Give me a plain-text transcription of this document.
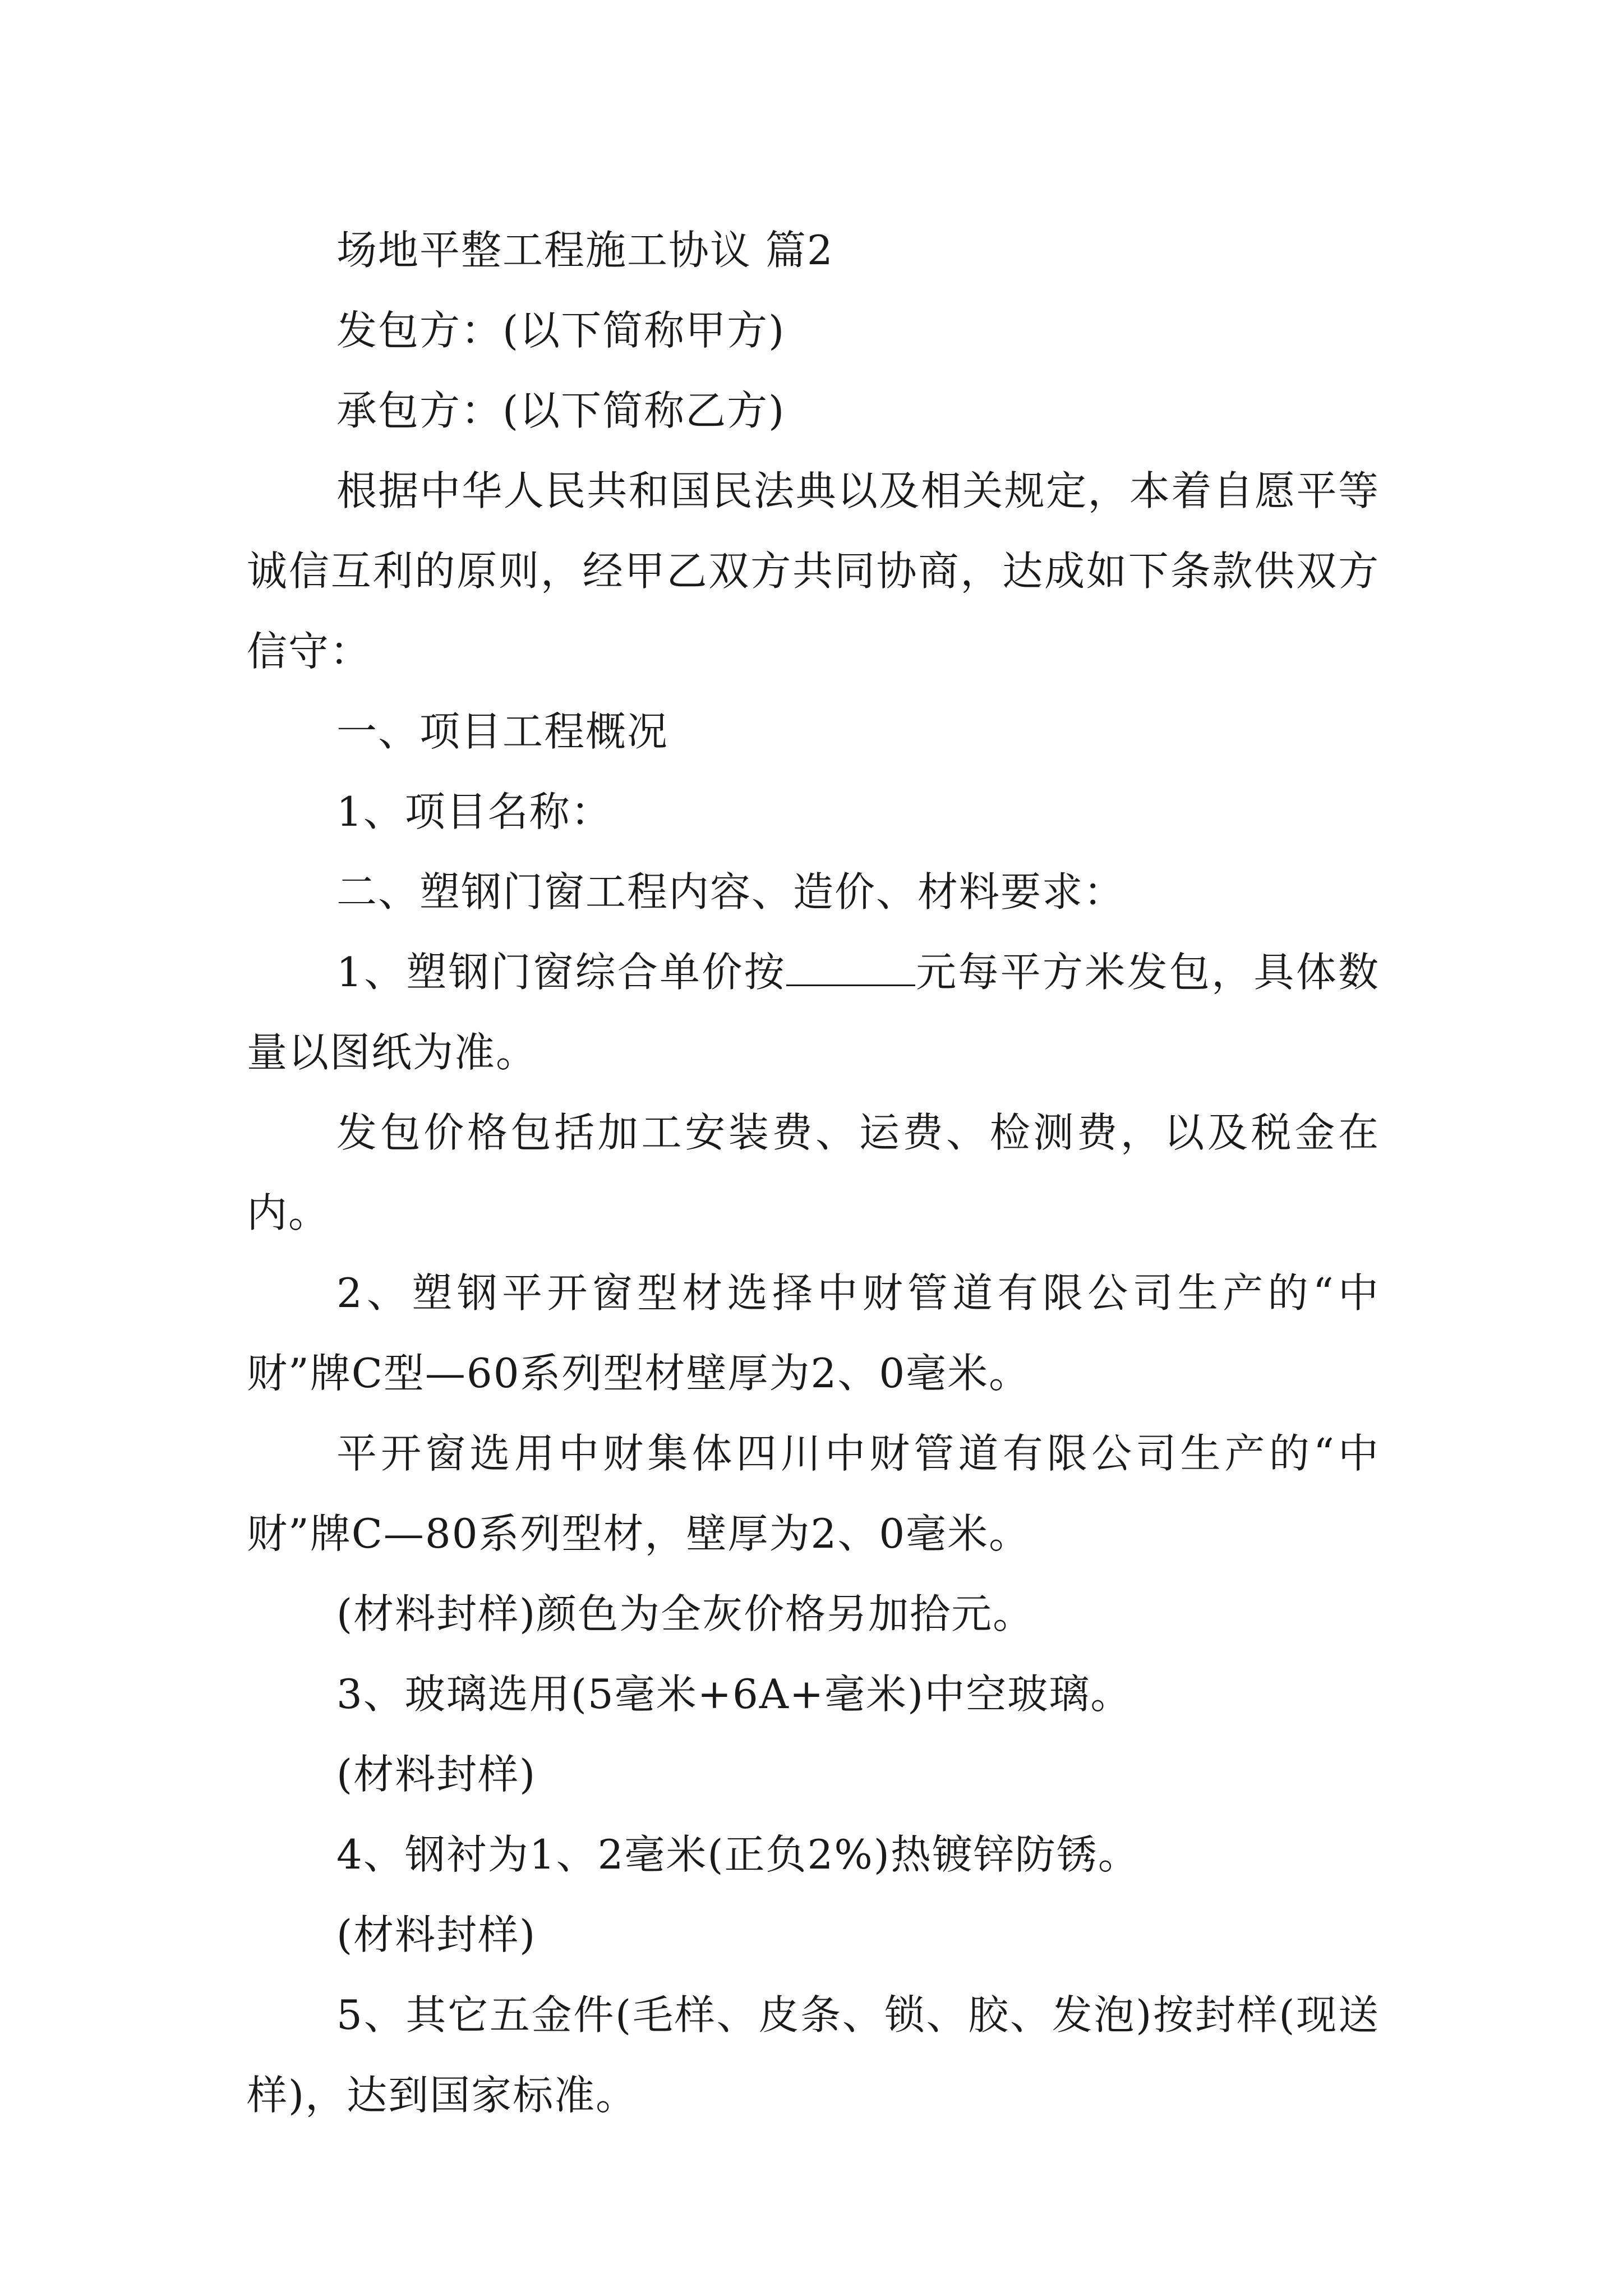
场地平整工程施工协议 篇2

发包方：(以下简称甲方)

承包方：(以下简称乙方)

根据中华人民共和国民法典以及相关规定，本着自愿平等诚信互利的原则，经甲乙双方共同协商，达成如下条款供双方信守：

一、项目工程概况

1、项目名称：

二、塑钢门窗工程内容、造价、材料要求：

1、塑钢门窗综合单价按	元每平方米发包，具体数量以图纸为准。

发包价格包括加工安装费、运费、检测费，以及税金在内。

2、塑钢平开窗型材选择中财管道有限公司生产的“中财”牌C型—60系列型材壁厚为2、0毫米。

平开窗选用中财集体四川中财管道有限公司生产的“中财”牌C—80系列型材，壁厚为2、0毫米。

(材料封样)颜色为全灰价格另加拾元。

3、玻璃选用(5毫米+6A+毫米)中空玻璃。

(材料封样)

4、钢衬为1、2毫米(正负2%)热镀锌防锈。

(材料封样)

5、其它五金件(毛样、皮条、锁、胶、发泡)按封样(现送样)，达到国家标准。
